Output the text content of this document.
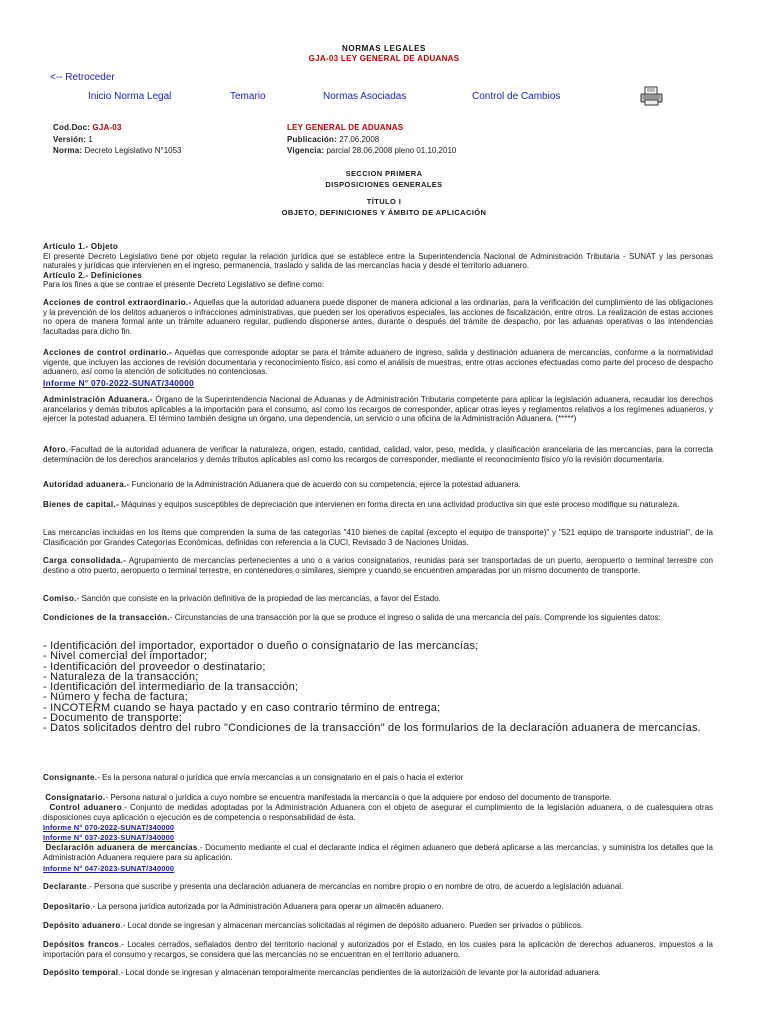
NORMAS LEGALES
GJA-03 LEY GENERAL DE ADUANAS
<-- Retroceder
Inicio Norma Legal	Temario	Normas Asociadas	Control de Cambios
Cod.Doc: GJA-03
Versión: 1
Norma: Decreto Legislativo N°1053
LEY GENERAL DE ADUANAS
Publicación: 27.06.2008
Vigencia: parcial 28.06.2008 pleno 01.10.2010
SECCION PRIMERA
DISPOSICIONES GENERALES
TÍTULO I
OBJETO, DEFINICIONES Y ÁMBITO DE APLICACIÓN

Artículo 1.- Objeto

El presente Decreto Legislativo tiene por objeto regular la relación jurídica que se establece entre la Superintendencia Nacional de Administración Tributaria - SUNAT y las personas naturales y jurídicas que intervienen en el ingreso, permanencia, traslado y salida de las mercancías hacia y desde el territorio aduanero.

Artículo 2.- Definiciones

Para los fines a que se contrae el presente Decreto Legislativo se define como:

Acciones de control extraordinario.- Aquellas que la autoridad aduanera puede disponer de manera adicional a las ordinarias, para la verificación del cumplimiento de las obligaciones y la prevención de los delitos aduaneros o infracciones administrativas, que pueden ser los operativos especiales, las acciones de fiscalización, entre otros. La realización de estas acciones no opera de manera formal ante un trámite aduanero regular, pudiendo disponerse antes, durante o después del trámite de despacho, por las aduanas operativas o las intendencias facultadas para dicho fin.

Acciones de control ordinario.- Aquellas que corresponde adoptar se para el trámite aduanero de ingreso, salida y destinación aduanera de mercancías, conforme a la normatividad vigente, que incluyen las acciones de revisión documentaria y reconocimiento físico, así como el análisis de muestras, entre otras acciones efectuadas como parte del proceso de despacho aduanero, así como la atención de solicitudes no contenciosas.

Informe N° 070-2022-SUNAT/340000

Administración Aduanera.- Órgano de la Superintendencia Nacional de Aduanas y de Administración Tributaria competente para aplicar la legislación aduanera, recaudar los derechos arancelarios y demás tributos aplicables a la importación para el consumo, así como los recargos de corresponder, aplicar otras leyes y reglamentos relativos a los regímenes aduaneros, y ejercer la potestad aduanera. El término también designa un órgano, una dependencia, un servicio o una oficina de la Administración Aduanera. (*****)

Aforo.-Facultad de la autoridad aduanera de verificar la naturaleza, origen, estado, cantidad, calidad, valor, peso, medida, y clasificación arancelaria de las mercancías, para la correcta determinación de los derechos arancelarios y demás tributos aplicables así como los recargos de corresponder, mediante el reconocimiento físico y/o la revisión documentaria.

Autoridad aduanera.- Funcionario de la Administración Aduanera que de acuerdo con su competencia, ejerce la potestad aduanera.

Bienes de capital.- Máquinas y equipos susceptibles de depreciación que intervienen en forma directa en una actividad productiva sin que este proceso modifique su naturaleza.

Las mercancías incluidas en los ítems que comprenden la suma de las categorías "410 bienes de capital (excepto el equipo de transporte)" y "521 equipo de transporte industrial", de la Clasificación por Grandes Categorías Económicas, definidas con referencia a la CUCI, Revisado 3 de Naciones Unidas.

Carga consolidada.- Agrupamiento de mercancías pertenecientes a uno o a varios consignatarios, reunidas para ser transportadas de un puerto, aeropuerto o terminal terrestre con destino a otro puerto, aeropuerto o terminal terrestre, en contenedores o similares, siempre y cuando se encuentren amparadas por un mismo documento de transporte.

Comiso.- Sanción que consiste en la privación definitiva de la propiedad de las mercancías, a favor del Estado.

Condiciones de la transacción.- Circunstancias de una transacción por la que se produce el ingreso o salida de una mercancía del país. Comprende los siguientes datos:

- Identificación del importador, exportador o dueño o consignatario de las mercancías;
- Nivel comercial del importador;
- Identificación del proveedor o destinatario;
- Naturaleza de la transacción;
- Identificación del intermediario de la transacción;
- Número y fecha de factura;
- INCOTERM cuando se haya pactado y en caso contrario término de entrega;
- Documento de transporte;
- Datos solicitados dentro del rubro "Condiciones de la transacción" de los formularios de la declaración aduanera de mercancías.

Consignante.- Es la persona natural o jurídica que envía mercancías a un consignatario en el país o hacia el exterior

Consignatario.- Persona natural o jurídica a cuyo nombre se encuentra manifestada la mercancía o que la adquiere por endoso del documento de transporte.

Control aduanero.- Conjunto de medidas adoptadas por la Administración Aduanera con el objeto de asegurar el cumplimiento de la legislación aduanera, o de cualesquiera otras disposiciones cuya aplicación o ejecución es de competencia o responsabilidad de ésta.

Informe N° 070-2022-SUNAT/340000
Informe N° 037-2023-SUNAT/340000

Declaración aduanera de mercancías.- Documento mediante el cual el declarante indica el régimen aduanero que deberá aplicarse a las mercancías, y suministra los detalles que la Administración Aduanera requiere para su aplicación.

Informe N° 047-2023-SUNAT/340000

Declarante.- Persona que suscribe y presenta una declaración aduanera de mercancías en nombre propio o en nombre de otro, de acuerdo a legislación aduanal.

Depositario.- La persona jurídica autorizada por la Administración Aduanera para operar un almacén aduanero.

Depósito aduanero.- Local donde se ingresan y almacenan mercancías solicitadas al régimen de depósito aduanero. Pueden ser privados o públicos.

Depósitos francos.- Locales cerrados, señalados dentro del territorio nacional y autorizados por el Estado, en los cuales para la aplicación de derechos aduaneros, impuestos a la importación para el consumo y recargos, se considera que las mercancías no se encuentran en el territorio aduanero.

Depósito temporal.- Local donde se ingresan y almacenan temporalmente mercancías pendientes de la autorización de levante por la autoridad aduanera.
